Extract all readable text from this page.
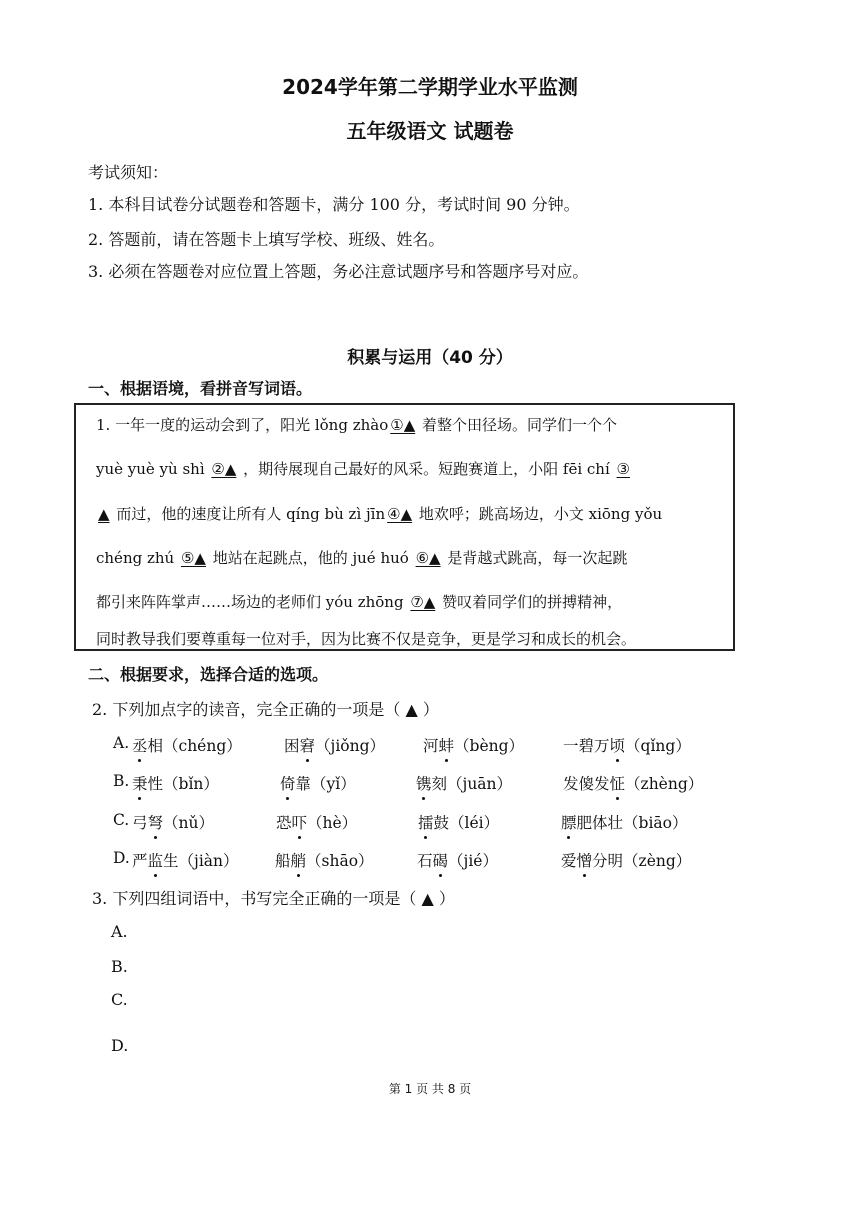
2024学年第二学期学业水平监测
五年级语文 试题卷
考试须知：
1. 本科目试卷分试题卷和答题卡，满分 100 分，考试时间 90 分钟。
2. 答题前，请在答题卡上填写学校、班级、姓名。
3. 必须在答题卷对应位置上答题，务必注意试题序号和答题序号对应。
积累与运用（40 分）
一、根据语境，看拼音写词语。
1. 一年一度的运动会到了，阳光 lǒng zhào ①▲ 着整个田径场。同学们一个个
yuè yuè yù shì ②▲ ，期待展现自己最好的风采。短跑赛道上，小阳 fēi chí ③
▲ 而过，他的速度让所有人 qíng bù zì jīn ④▲ 地欢呼；跳高场边，小文 xiōng yǒu
chéng zhú ⑤▲ 地站在起跳点，他的 jué huó ⑥▲ 是背越式跳高，每一次起跳
都引来阵阵掌声……场边的老师们 yóu zhōng ⑦▲ 赞叹着同学们的拼搏精神，
同时教导我们要尊重每一位对手，因为比赛不仅是竞争，更是学习和成长的机会。
二、根据要求，选择合适的选项。
2. 下列加点字的读音，完全正确的一项是（ ▲ ）
A. 丞相（chéng）	困窘（jiǒng） 河蚌（bèng）	一碧万顷（qǐng）
B. 秉性（bǐn）	倚靠（yǐ）	镌刻（juān）	发傻发怔（zhèng）
C. 弓弩（nǔ）	恐吓（hè）	擂鼓（léi）	膘肥体壮（biāo）
D. 严监生（jiàn） 船艄（shāo）	石碣（jié）	爱憎分明（zèng）
3. 下列四组词语中，书写完全正确的一项是（ ▲ ）
A.
B.
C.
D.
第 1 页 共 8 页
